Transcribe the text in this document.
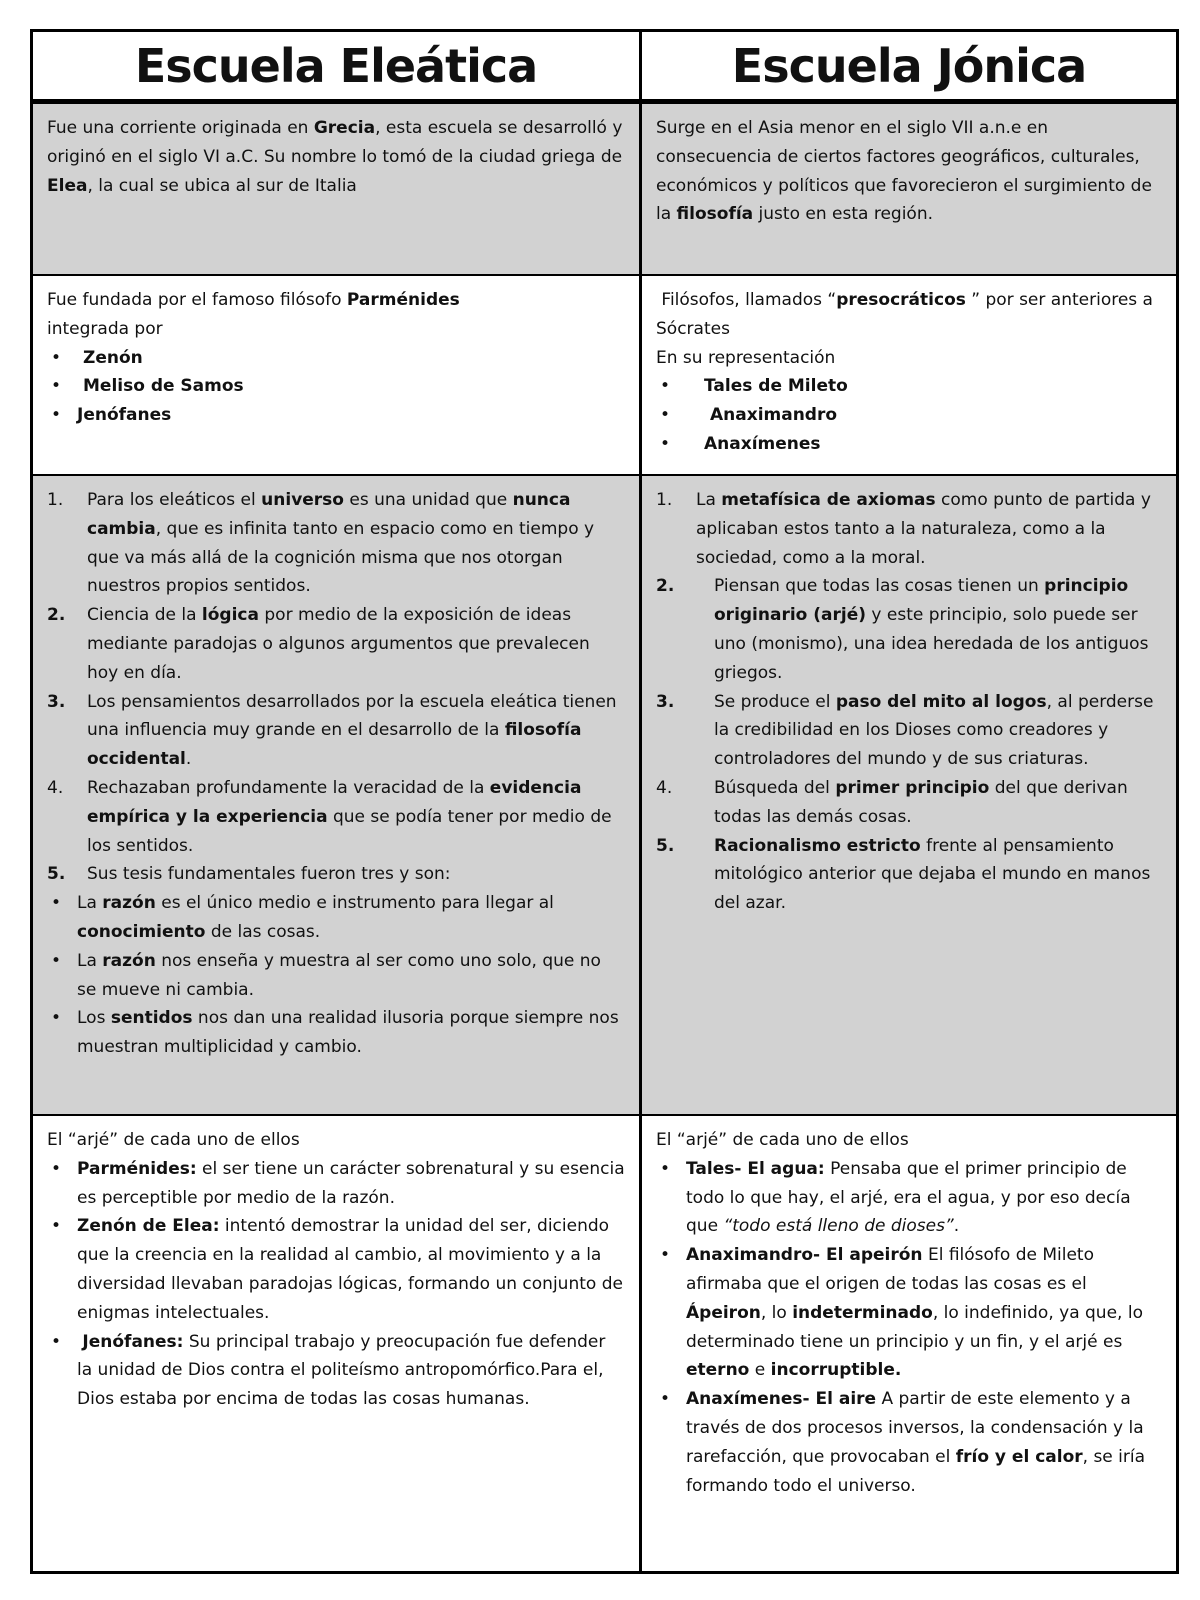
Escuela Eleática	Escuela Jónica
Fue una corriente originada en Grecia, esta escuela se desarrolló y originó en el siglo VI a.C. Su nombre lo tomó de la ciudad griega de Elea, la cual se ubica al sur de Italia
Surge en el Asia menor en el siglo VII a.n.e en consecuencia de ciertos factores geográficos, culturales, económicos y políticos que favorecieron el surgimiento de la filosofía justo en esta región.

Fue fundada por el famoso filósofo Parménides

integrada por

• Zenón
• Meliso de Samos
• Jenófanes

Filósofos, llamados “presocráticos ” por ser anteriores a Sócrates

En su representación

• Tales de Mileto
• Anaximandro
• Anaxímenes
1. Para los eleáticos el universo es una unidad que nunca cambia, que es infinita tanto en espacio como en tiempo y que va más allá de la cognición misma que nos otorgan nuestros propios sentidos.
2. Ciencia de la lógica por medio de la exposición de ideas mediante paradojas o algunos argumentos que prevalecen hoy en día.
3. Los pensamientos desarrollados por la escuela eleática tienen una influencia muy grande en el desarrollo de la filosofía occidental.
4. Rechazaban profundamente la veracidad de la evidencia empírica y la experiencia que se podía tener por medio de los sentidos.
5. Sus tesis fundamentales fueron tres y son:
• La razón es el único medio e instrumento para llegar al conocimiento de las cosas.
• La razón nos enseña y muestra al ser como uno solo, que no se mueve ni cambia.
• Los sentidos nos dan una realidad ilusoria porque siempre nos muestran multiplicidad y cambio.
1. La metafísica de axiomas como punto de partida y aplicaban estos tanto a la naturaleza, como a la sociedad, como a la moral.
2. Piensan que todas las cosas tienen un principio originario (arjé) y este principio, solo puede ser uno (monismo), una idea heredada de los antiguos griegos.
3. Se produce el paso del mito al logos, al perderse la credibilidad en los Dioses como creadores y controladores del mundo y de sus criaturas.
4. Búsqueda del primer principio del que derivan todas las demás cosas.
5. Racionalismo estricto frente al pensamiento mitológico anterior que dejaba el mundo en manos del azar.

El “arjé” de cada uno de ellos

• Parménides: el ser tiene un carácter sobrenatural y su esencia es perceptible por medio de la razón.
• Zenón de Elea: intentó demostrar la unidad del ser, diciendo que la creencia en la realidad al cambio, al movimiento y a la diversidad llevaban paradojas lógicas, formando un conjunto de enigmas intelectuales.
• Jenófanes: Su principal trabajo y preocupación fue defender la unidad de Dios contra el politeísmo antropomórfico.Para el, Dios estaba por encima de todas las cosas humanas.

El “arjé” de cada uno de ellos

• Tales- El agua: Pensaba que el primer principio de todo lo que hay, el arjé, era el agua, y por eso decía que “todo está lleno de dioses”.
• Anaximandro- El apeirón El filósofo de Mileto afirmaba que el origen de todas las cosas es el Ápeiron, lo indeterminado, lo indefinido, ya que, lo determinado tiene un principio y un fin, y el arjé es eterno e incorruptible.
• Anaxímenes- El aire A partir de este elemento y a través de dos procesos inversos, la condensación y la rarefacción, que provocaban el frío y el calor, se iría formando todo el universo.
